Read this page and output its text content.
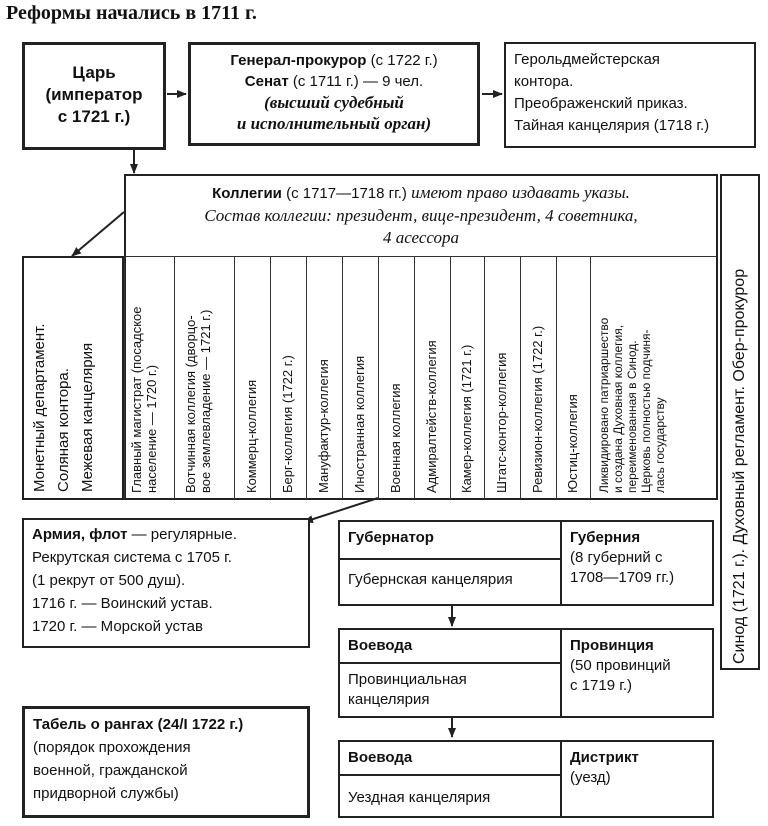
Реформы начались в 1711 г.
Царь
(император
с 1721 г.)
Генерал-прокурор (с 1722 г.)
Сенат (с 1711 г.) — 9 чел.
(высший судебный
и исполнительный орган)
Герольдмейстерская
контора.
Преображенский приказ.
Тайная канцелярия (1718 г.)
Коллегии (с 1717—1718 гг.) имеют право издавать указы.
Состав коллегии: президент, вице-президент, 4 советника,
4 асессора
Монетный департамент. Соляная контора. Межевая канцелярия	Главный магистрат (посадское население — 1720 г.) Вотчинная коллегия (дворцо- вое землевладение — 1721 г.) Коммерц-коллегия Берг-коллегия (1722 г.) Мануфактур-коллегия Иностранная коллегия Военная коллегия Адмиралтейств-коллегия Камер-коллегия (1721 г.) Штатс-контор-коллегия Ревизион-коллегия (1722 г.) Юстиц-коллегия Ликвидировано патриаршество и создана Духовная коллегия, переименованная в Синод. Церковь полностью подчиня- лась государству	Синод (1721 г.). Духовный регламент. Обер-прокурор
Армия, флот — регулярные.
Рекрутская система с 1705 г.
(1 рекрут от 500 душ).
1716 г. — Воинский устав.
1720 г. — Морской устав
Табель о рангах (24/I 1722 г.)
(порядок прохождения
военной, гражданской
придворной службы)
Губернатор
Губернская канцелярия
Губерния
(8 губерний с
1708—1709 гг.)
Воевода
Провинциальная
канцелярия
Провинция
(50 провинций
с 1719 г.)
Воевода
Уездная канцелярия
Дистрикт
(уезд)
